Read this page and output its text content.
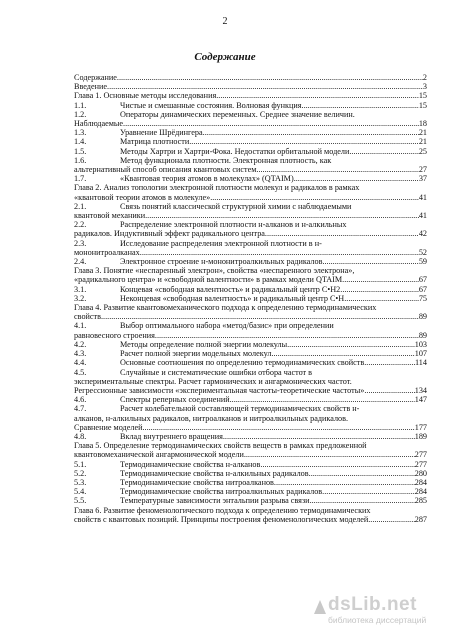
2
Содержание
Содержание .....	2
Введение .....	3
Глава 1. Основные методы исследования .....	15
1.1.	Чистые и смешанные состояния. Волновая функция .....	15
1.2.	Операторы динамических переменных. Среднее значение величин.
Наблюдаемые .....	18
1.3.	Уравнение Шрёдингера .....	21
1.4.	Матрица плотности .....	21
1.5.	Методы Хартри и Хартри-Фока. Недостатки орбитальной модели .....	25
1.6.	Метод функционала плотности. Электронная плотность, как
альтернативный способ описания квантовых систем .....	27
1.7.	«Квантовая теория атомов в молекулах» (QTAIM) .....	37
Глава 2. Анализ топологии электронной плотности молекул и радикалов в рамках
«квантовой теории атомов в молекуле» .....	41
2.1.	Связь понятий классической структурной химии с наблюдаемыми
квантовой механики .....	41
2.2.	Распределение электронной плотности н-алканов и н-алкильных
радикалов. Индуктивный эффект радикального центра .....	42
2.3.	Исследование распределения электронной плотности в н-
мононитроалканах .....	52
2.4.	Электронное строение н-мононитроалкильных радикалов .....	59
Глава 3. Понятие «неспаренный электрон», свойства «неспаренного электрона»,
«радикального центра» и «свободной валентности» в рамках модели QTAIM .....	67
3.1.	Концевая «свободная валентность» и радикальный центр C•H2 .....	67
3.2.	Неконцевая «свободная валентность» и радикальный центр C•H .....	75
Глава 4. Развитие квантовомеханического подхода к определению термодинамических
свойств .....	89
4.1.	Выбор оптимального набора «метод/базис» при определении
равновесного строения .....	89
4.2.	Методы определение полной энергии молекулы .....	103
4.3.	Расчет полной энергии модельных молекул .....	107
4.4.	Основные соотношения по определению термодинамических свойств .....	114
4.5.	Случайные и систематические ошибки отбора частот в
экспериментальные спектры. Расчет гармонических и ангармонических частот.
Регрессионные зависимости «экспериментальная частоты-теоретические частоты» .....	134
4.6.	Спектры реперных соединений .....	147
4.7.	Расчет колебательной составляющей термодинамических свойств н-
алканов, н-алкильных радикалов, нитроалканов и нитроалкильных радикалов.
Сравнение моделей .....	177
4.8.	Вклад внутреннего вращения .....	189
Глава 5. Определение термодинамических свойств веществ в рамках предложенной
квантовомеханической ангармонической модели .....	277
5.1.	Термодинамические свойства н-алканов .....	277
5.2.	Термодинамические свойства н-алкильных радикалов .....	280
5.3.	Термодинамические свойства нитроалканов .....	284
5.4.	Термодинамические свойства нитроалкильных радикалов .....	284
5.5.	Температурные зависимости энтальпии разрыва связи .....	285
Глава 6. Развитие феноменологического подхода к определению термодинамических
свойств с квантовых позиций. Принципы построения феноменологических моделей .....	287
dsLib.net
библиотека диссертаций
